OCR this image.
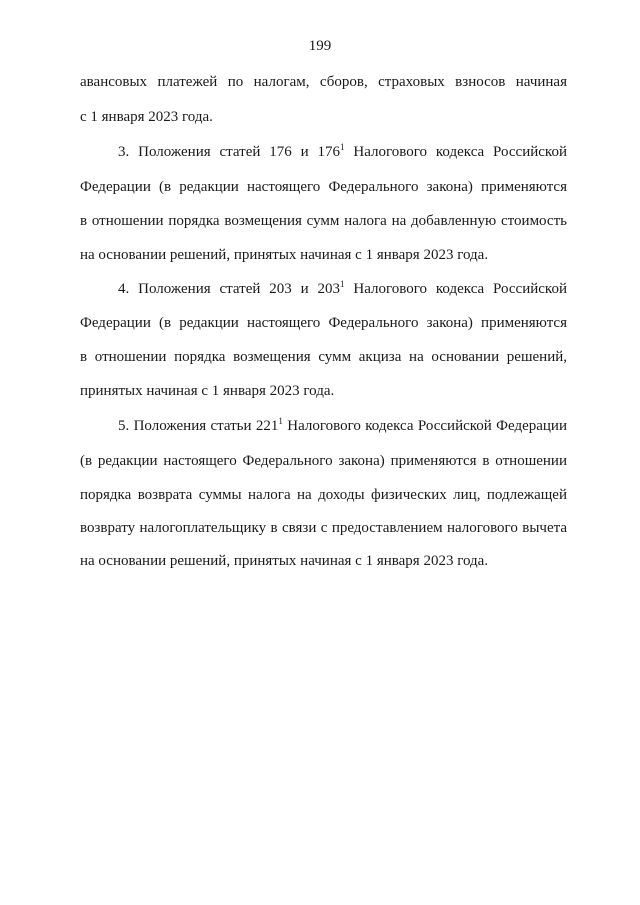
199
авансовых платежей по налогам, сборов, страховых взносов начиная
с 1 января 2023 года.
3. Положения статей 176 и $176^1$ Налогового кодекса Российской
Федерации (в редакции настоящего Федерального закона) применяются
в отношении порядка возмещения сумм налога на добавленную стоимость
на основании решений, принятых начиная с 1 января 2023 года.
4. Положения статей 203 и $203^1$ Налогового кодекса Российской
Федерации (в редакции настоящего Федерального закона) применяются
в отношении порядка возмещения сумм акциза на основании решений,
принятых начиная с 1 января 2023 года.
5. Положения статьи $221^1$ Налогового кодекса Российской Федерации
(в редакции настоящего Федерального закона) применяются в отношении
порядка возврата суммы налога на доходы физических лиц, подлежащей
возврату налогоплательщику в связи с предоставлением налогового вычета
на основании решений, принятых начиная с 1 января 2023 года.
